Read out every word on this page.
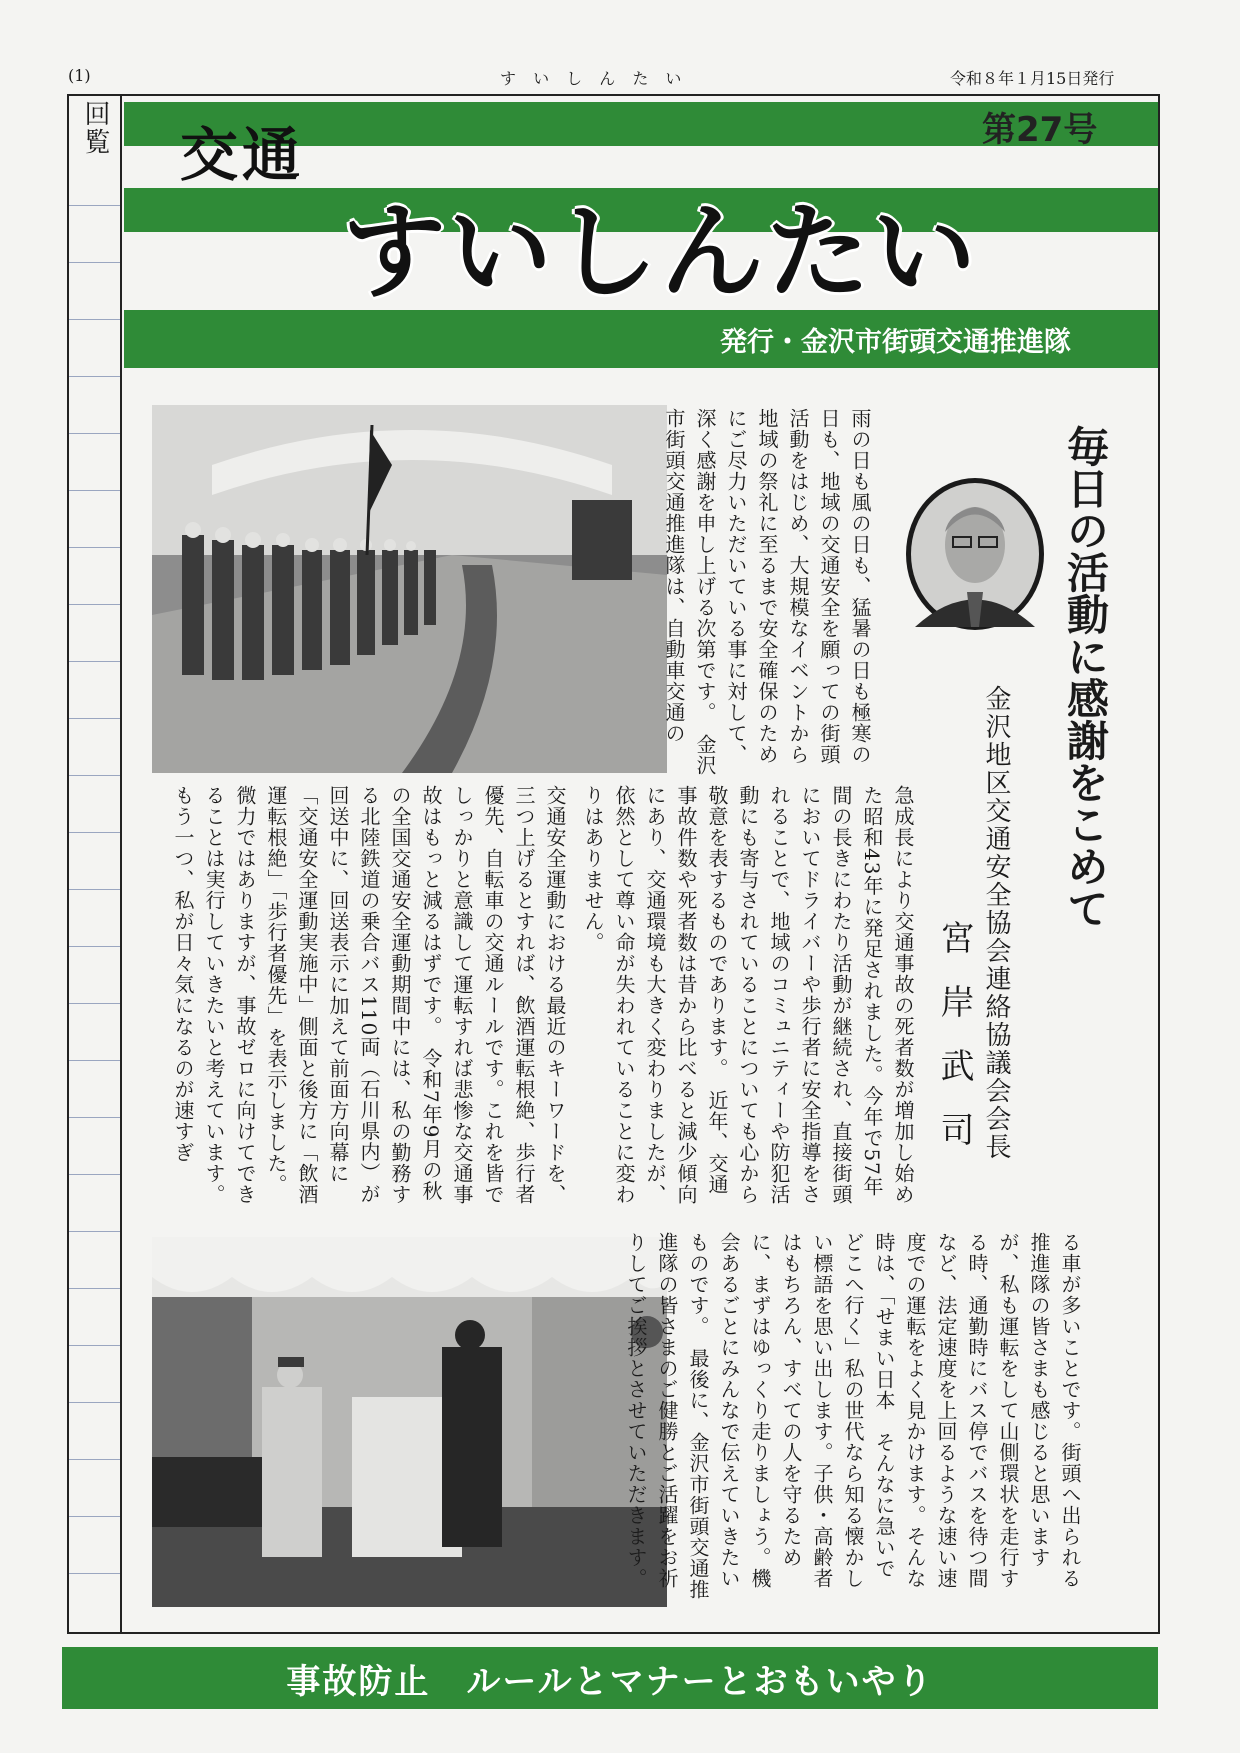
(1)	す い し ん た い	令和８年１月15日発行
回覧	第27号
交通
すいしんたい
発行・金沢市街頭交通推進隊
毎日の活動に感謝をこめて
金沢地区交通安全協会連絡協議会会長
宮岸武司
雨の日も風の日も、猛暑の日も極寒の日も、地域の交通安全を願っての街頭活動をはじめ、大規模なイベントから地域の祭礼に至るまで安全確保のためにご尽力いただいている事に対して、深く感謝を申し上げる次第です。　金沢市街頭交通推進隊は、自動車交通の
急成長により交通事故の死者数が増加し始めた昭和43年に発足されました。今年で57年間の長きにわたり活動が継続され、直接街頭においてドライバーや歩行者に安全指導をされることで、地域のコミュニティーや防犯活動にも寄与されていることについても心から敬意を表するものであります。　近年、交通事故件数や死者数は昔から比べると減少傾向にあり、交通環境も大きく変わりましたが、依然として尊い命が失われていることに変わりはありません。
交通安全運動における最近のキーワードを、三つ上げるとすれば、飲酒運転根絶、歩行者優先、自転車の交通ルールです。これを皆でしっかりと意識して運転すれば悲惨な交通事故はもっと減るはずです。　令和7年9月の秋の全国交通安全運動期間中には、私の勤務する北陸鉄道の乗合バス110両（石川県内）が回送中に、回送表示に加えて前面方向幕に「交通安全運動実施中」側面と後方に「飲酒運転根絶」「歩行者優先」を表示しました。微力ではありますが、事故ゼロに向けてできることは実行していきたいと考えています。　もう一つ、私が日々気になるのが速すぎ
る車が多いことです。街頭へ出られる推進隊の皆さまも感じると思いますが、私も運転をして山側環状を走行する時、通勤時にバス停でバスを待つ間など、法定速度を上回るような速い速度での運転をよく見かけます。そんな時は、「せまい日本　そんなに急いで　どこへ行く」私の世代なら知る懐かしい標語を思い出します。子供・高齢者はもちろん、すべての人を守るために、まずはゆっくり走りましょう。機会あるごとにみんなで伝えていきたいものです。　最後に、金沢市街頭交通推進隊の皆さまのご健勝とご活躍をお祈りしてご挨拶とさせていただきます。
事故防止　ルールとマナーとおもいやり
